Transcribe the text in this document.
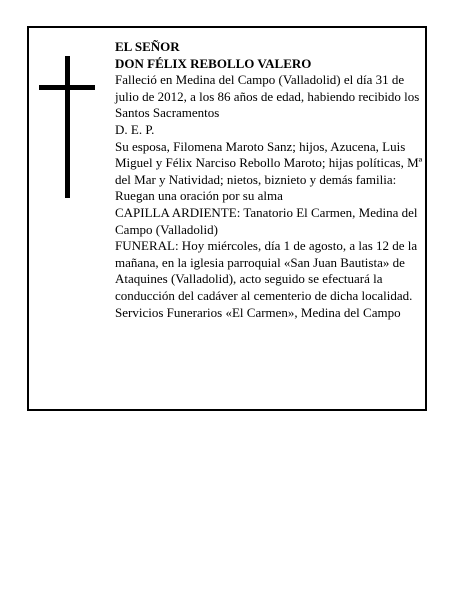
EL SEÑOR

DON FÉLIX REBOLLO VALERO

Falleció en Medina del Campo (Valladolid) el día 31 de julio de 2012, a los 86 años de edad, habiendo recibido los Santos Sacramentos

D. E. P.

Su esposa, Filomena Maroto Sanz; hijos, Azucena, Luis Miguel y Félix Narciso Rebollo Maroto; hijas políticas, Mª del Mar y Natividad; nietos, biznieto y demás familia:

Ruegan una oración por su alma

CAPILLA ARDIENTE: Tanatorio El Carmen, Medina del Campo (Valladolid)

FUNERAL: Hoy miércoles, día 1 de agosto, a las 12 de la mañana, en la iglesia parroquial «San Juan Bautista» de Ataquines (Valladolid), acto seguido se efectuará la conducción del cadáver al cementerio de dicha localidad.

Servicios Funerarios «El Carmen», Medina del Campo
